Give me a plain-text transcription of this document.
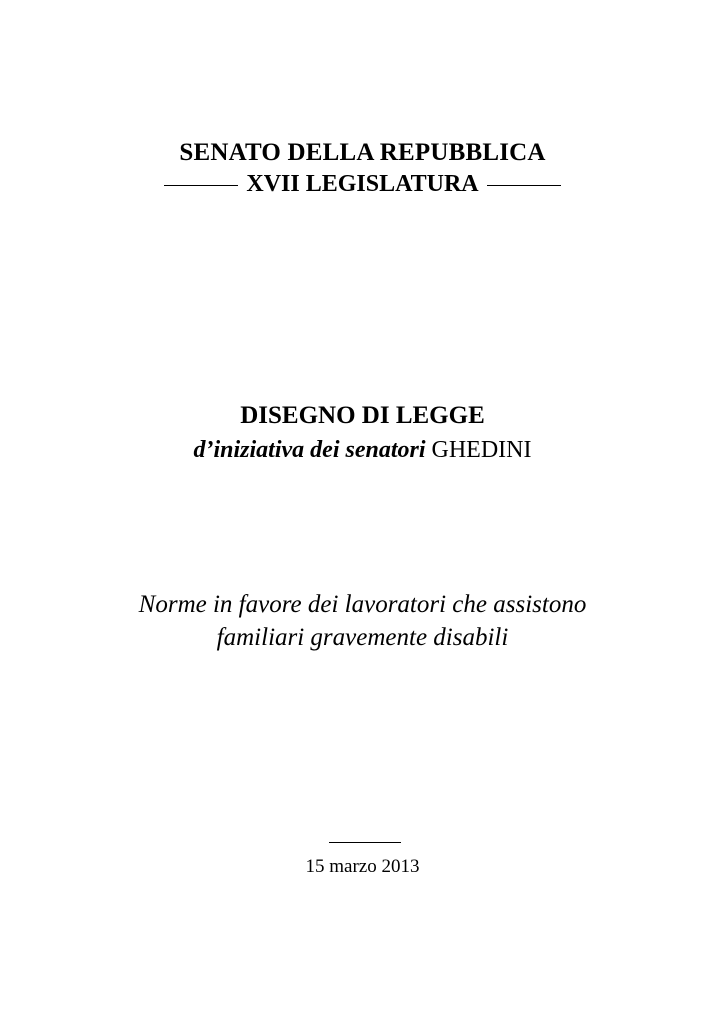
SENATO DELLA REPUBBLICA
XVII LEGISLATURA
DISEGNO DI LEGGE
d’iniziativa dei senatori GHEDINI
Norme in favore dei lavoratori che assistono
familiari gravemente disabili
15 marzo 2013
